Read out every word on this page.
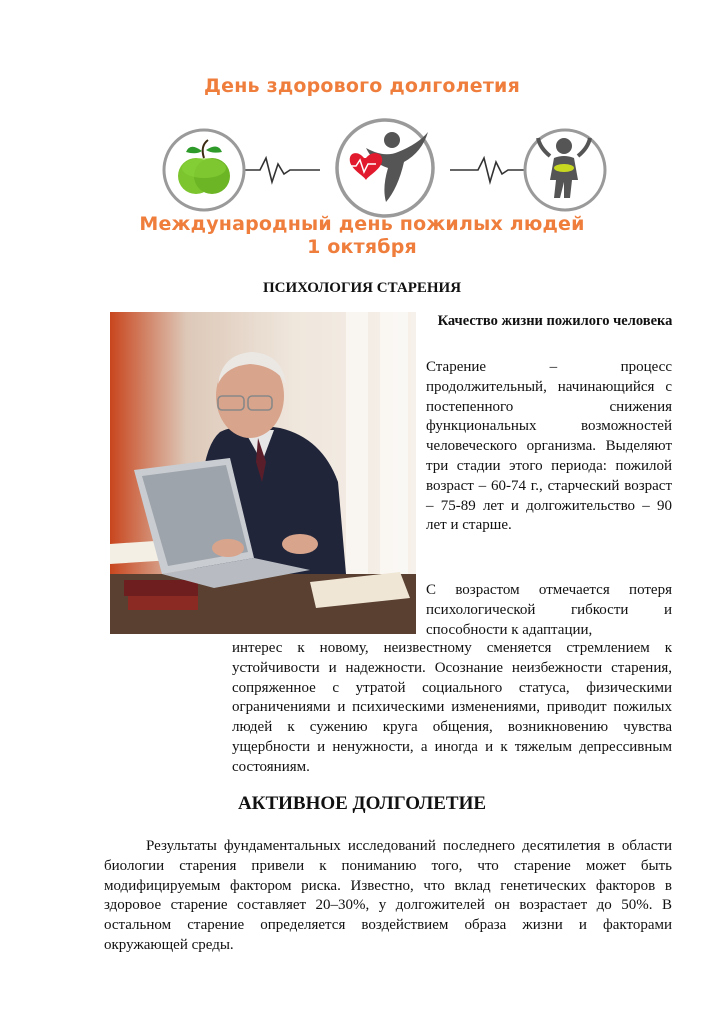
День здорового долголетия
Международный день пожилых людей
1 октября
ПСИХОЛОГИЯ СТАРЕНИЯ
Качество жизни пожилого человека
Старение – процесс продолжительный, начинающийся с постепенного снижения функциональных возможностей человеческого организма. Выделяют три стадии этого периода: пожилой возраст – 60-74 г., старческий возраст – 75-89 лет и долгожительство – 90 лет и старше.
С возрастом отмечается потеря психологической гибкости и способности к адаптации,
интерес к новому, неизвестному сменяется стремлением к устойчивости и надежности. Осознание неизбежности старения, сопряженное с утратой социального статуса, физическими ограничениями и психическими изменениями, приводит пожилых людей к сужению круга общения, возникновению чувства ущербности и ненужности, а иногда и к тяжелым депрессивным состояниям.
АКТИВНОЕ ДОЛГОЛЕТИЕ
Результаты фундаментальных исследований последнего десятилетия в области биологии старения привели к пониманию того, что старение может быть модифицируемым фактором риска. Известно, что вклад генетических факторов в здоровое старение составляет 20–30%, у долгожителей он возрастает до 50%. В остальном старение определяется воздействием образа жизни и факторами окружающей среды.
